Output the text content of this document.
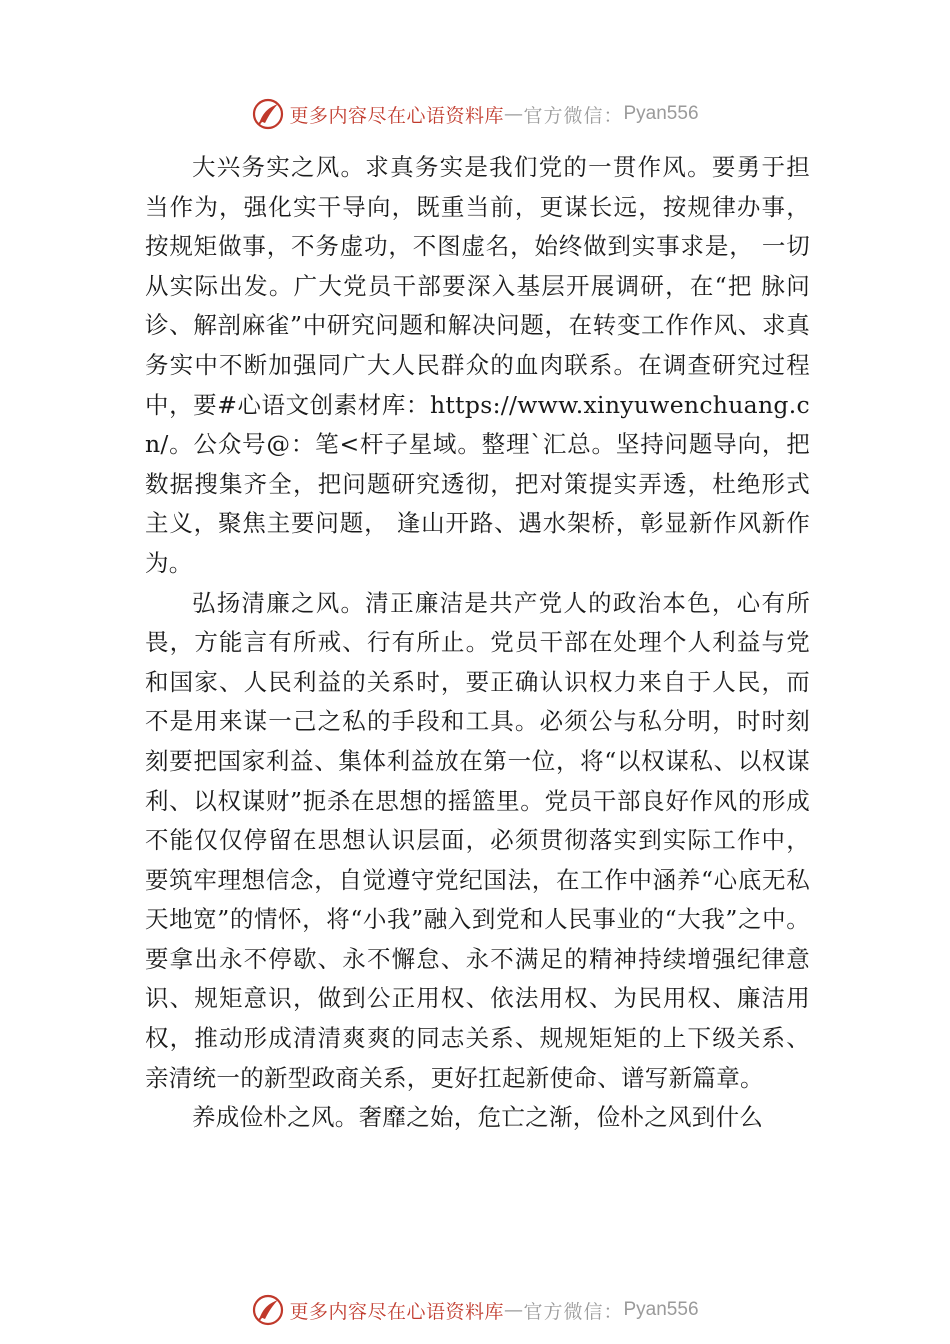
更多内容尽在心语资料库 — 官方微信： Pyan556

大兴务实之风。求真务实是我们党的一贯作风。要勇于担当作为，强化实干导向，既重当前，更谋长远，按规律办事，按规矩做事，不务虚功，不图虚名，始终做到实事求是， 一切从实际出发。广大党员干部要深入基层开展调研，在“把 脉问诊、解剖麻雀”中研究问题和解决问题，在转变工作作风、求真务实中不断加强同广大人民群众的血肉联系。在调查研究过程中，要#心语文创素材库：https://www.xinyuwenchuang.cn/。公众号@：笔<杆子星域。整理`汇总。坚持问题导向，把数据搜集齐全，把问题研究透彻，把对策提实弄透，杜绝形式主义，聚焦主要问题， 逢山开路、遇水架桥，彰显新作风新作为。

弘扬清廉之风。清正廉洁是共产党人的政治本色，心有所畏，方能言有所戒、行有所止。党员干部在处理个人利益与党和国家、人民利益的关系时，要正确认识权力来自于人民，而不是用来谋一己之私的手段和工具。必须公与私分明，时时刻刻要把国家利益、集体利益放在第一位，将“以权谋私、以权谋利、以权谋财”扼杀在思想的摇篮里。党员干部良好作风的形成不能仅仅停留在思想认识层面，必须贯彻落实到实际工作中，要筑牢理想信念，自觉遵守党纪国法，在工作中涵养“心底无私天地宽”的情怀，将“小我”融入到党和人民事业的“大我”之中。要拿出永不停歇、永不懈怠、永不满足的精神持续增强纪律意识、规矩意识，做到公正用权、依法用权、为民用权、廉洁用权，推动形成清清爽爽的同志关系、规规矩矩的上下级关系、亲清统一的新型政商关系，更好扛起新使命、谱写新篇章。

养成俭朴之风。奢靡之始，危亡之渐，俭朴之风到什么

更多内容尽在心语资料库 — 官方微信： Pyan556
